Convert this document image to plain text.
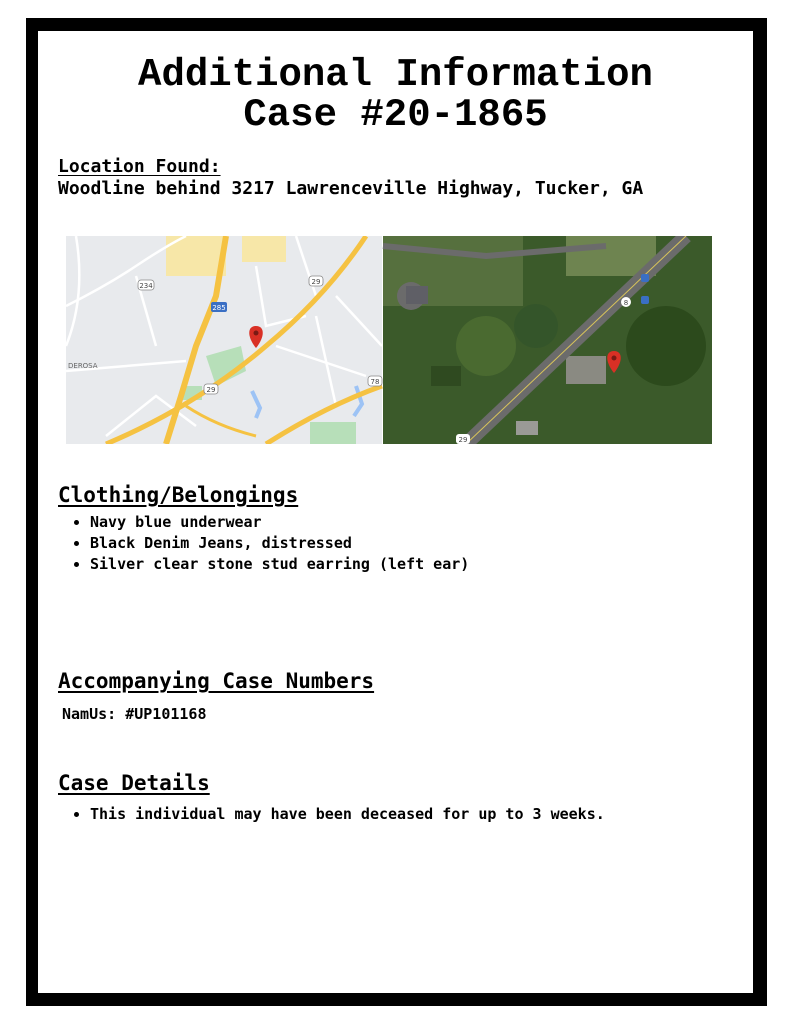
Additional Information
Case #20-1865
Location Found:
Woodline behind 3217 Lawrenceville Highway, Tucker, GA
234
285
29
29
78
DEROSA
29
8
Clothing/Belongings
• Navy blue underwear
• Black Denim Jeans, distressed
• Silver clear stone stud earring (left ear)
Accompanying Case Numbers
NamUs: #UP101168
Case Details
• This individual may have been deceased for up to 3 weeks.
